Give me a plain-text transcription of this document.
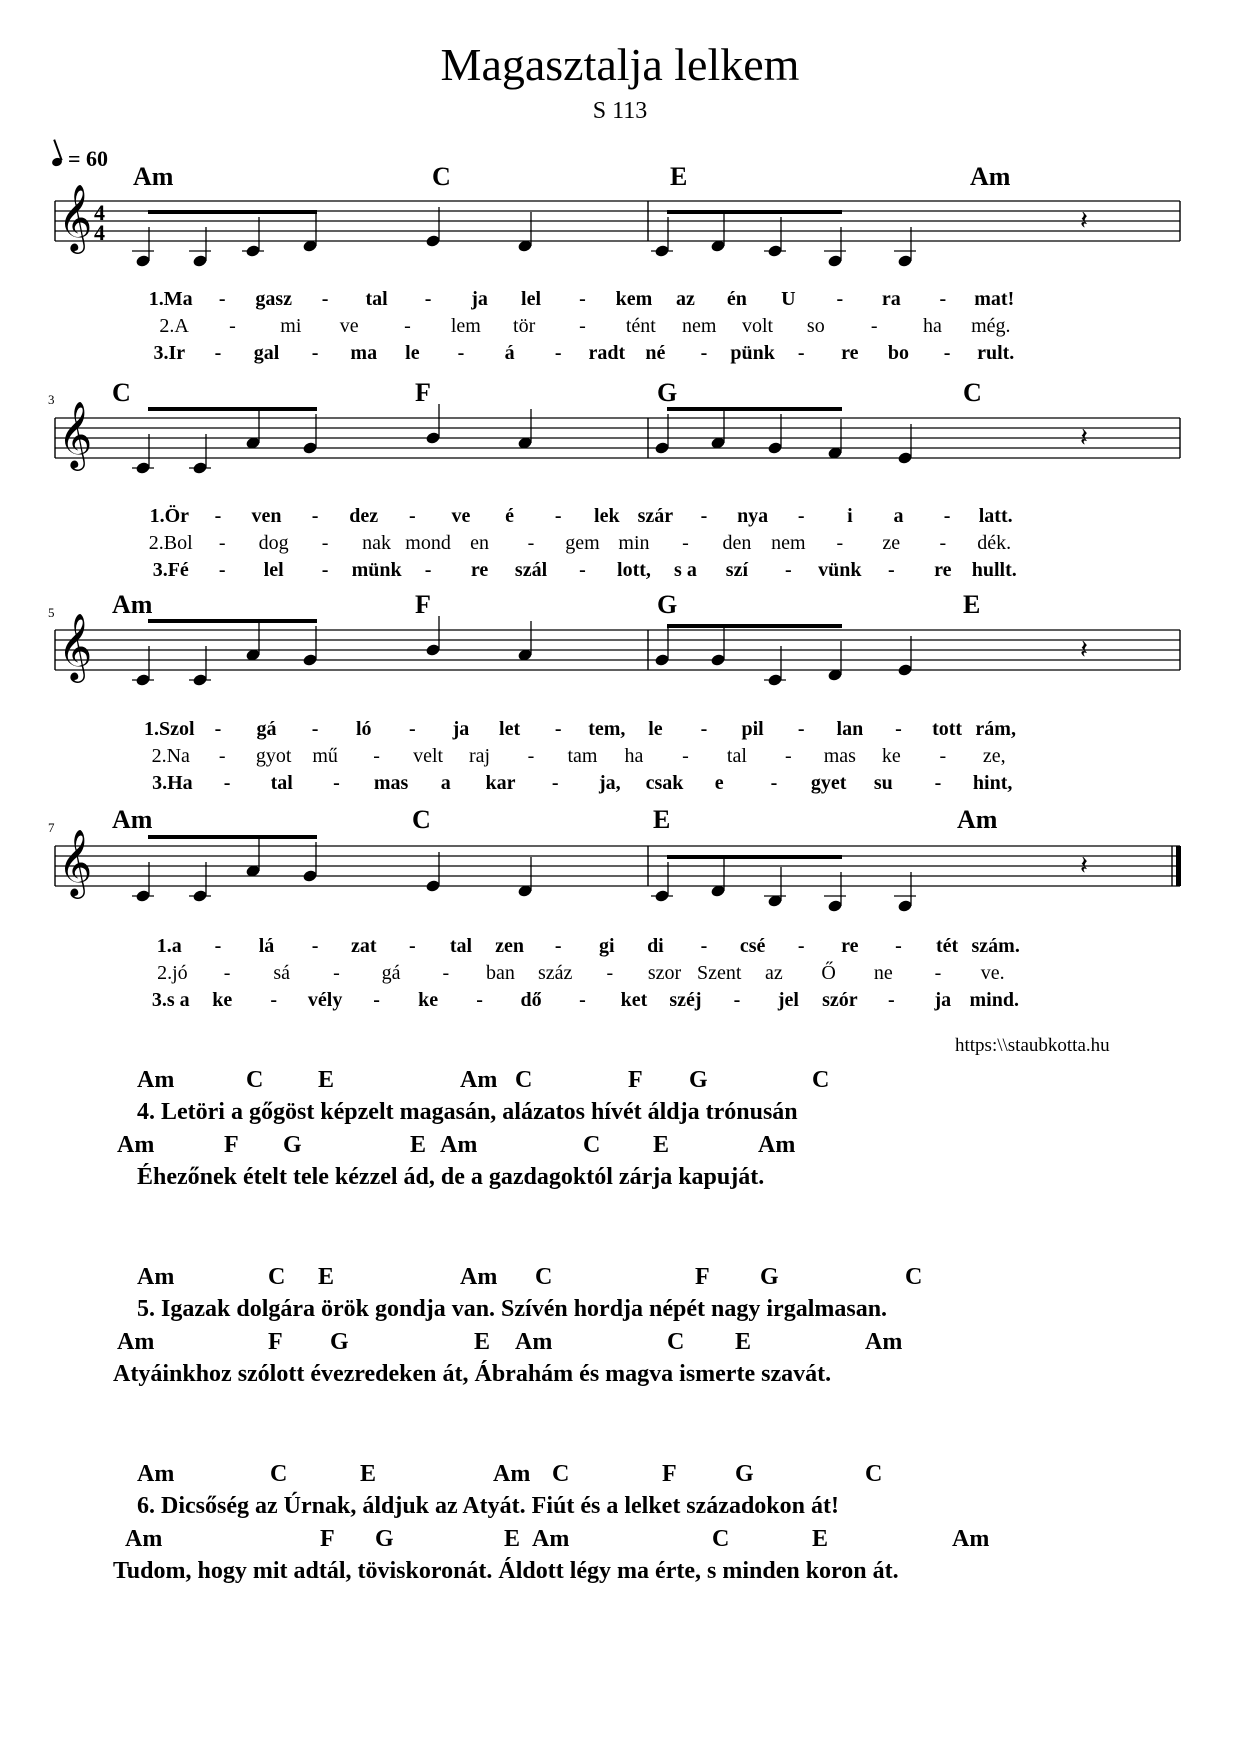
Magasztalja lelkem
S 113
= 60
𝄞 4
4	𝄽
𝄞	𝄽
𝄞	𝄽
𝄞	𝄽
Am	C	E	Am
3 C	F	G	C
5 Am	F	G	E
7 Am	C	E	Am
1.Ma - gasz - tal - ja lel - kem az én U - ra - mat!
2.A - mi ve - lem tör - tént nem volt so - ha még.
3.Ir - gal - ma le - á - radt né - pünk - re bo - rult.
1.Ör - ven - dez - ve é - lek szár - nya - i a - latt.
2.Bol - dog - nak mond en - gem min - den nem - ze - dék.
3.Fé - lel - münk - re szál - lott, s a szí - vünk - re hullt.
1.Szol - gá - ló - ja let - tem, le - pil - lan - tott rám,
2.Na - gyot mű - velt raj - tam ha - tal - mas ke - ze,
3.Ha - tal - mas a kar - ja, csak e - gyet su - hint,
1.a - lá - zat - tal zen - gi di - csé - re - tét szám.
2.jó - sá - gá - ban száz - szor Szent az Ő ne - ve.
3.s a ke - vély - ke - dő - ket széj - jel szór - ja mind.
https:\\staubkotta.hu
Am	C E	Am C	F G	C
4. Letöri a gőgöst képzelt magasán, alázatos hívét áldja trónusán
Am	F G	E Am	C E	Am
Éhezőnek ételt tele kézzel ád, de a gazdagoktól zárja kapuját.
Am	C E	Am C	F G	C
5. Igazak dolgára örök gondja van. Szívén hordja népét nagy irgalmasan.
Am	F G	E Am	C E	Am
Atyáinkhoz szólott évezredeken át, Ábrahám és magva ismerte szavát.
Am	C	E	Am C	F G	C
6. Dicsőség az Úrnak, áldjuk az Atyát. Fiút és a lelket századokon át!
Am	F G	E Am	C	E	Am
Tudom, hogy mit adtál, töviskoronát. Áldott légy ma érte, s minden koron át.
